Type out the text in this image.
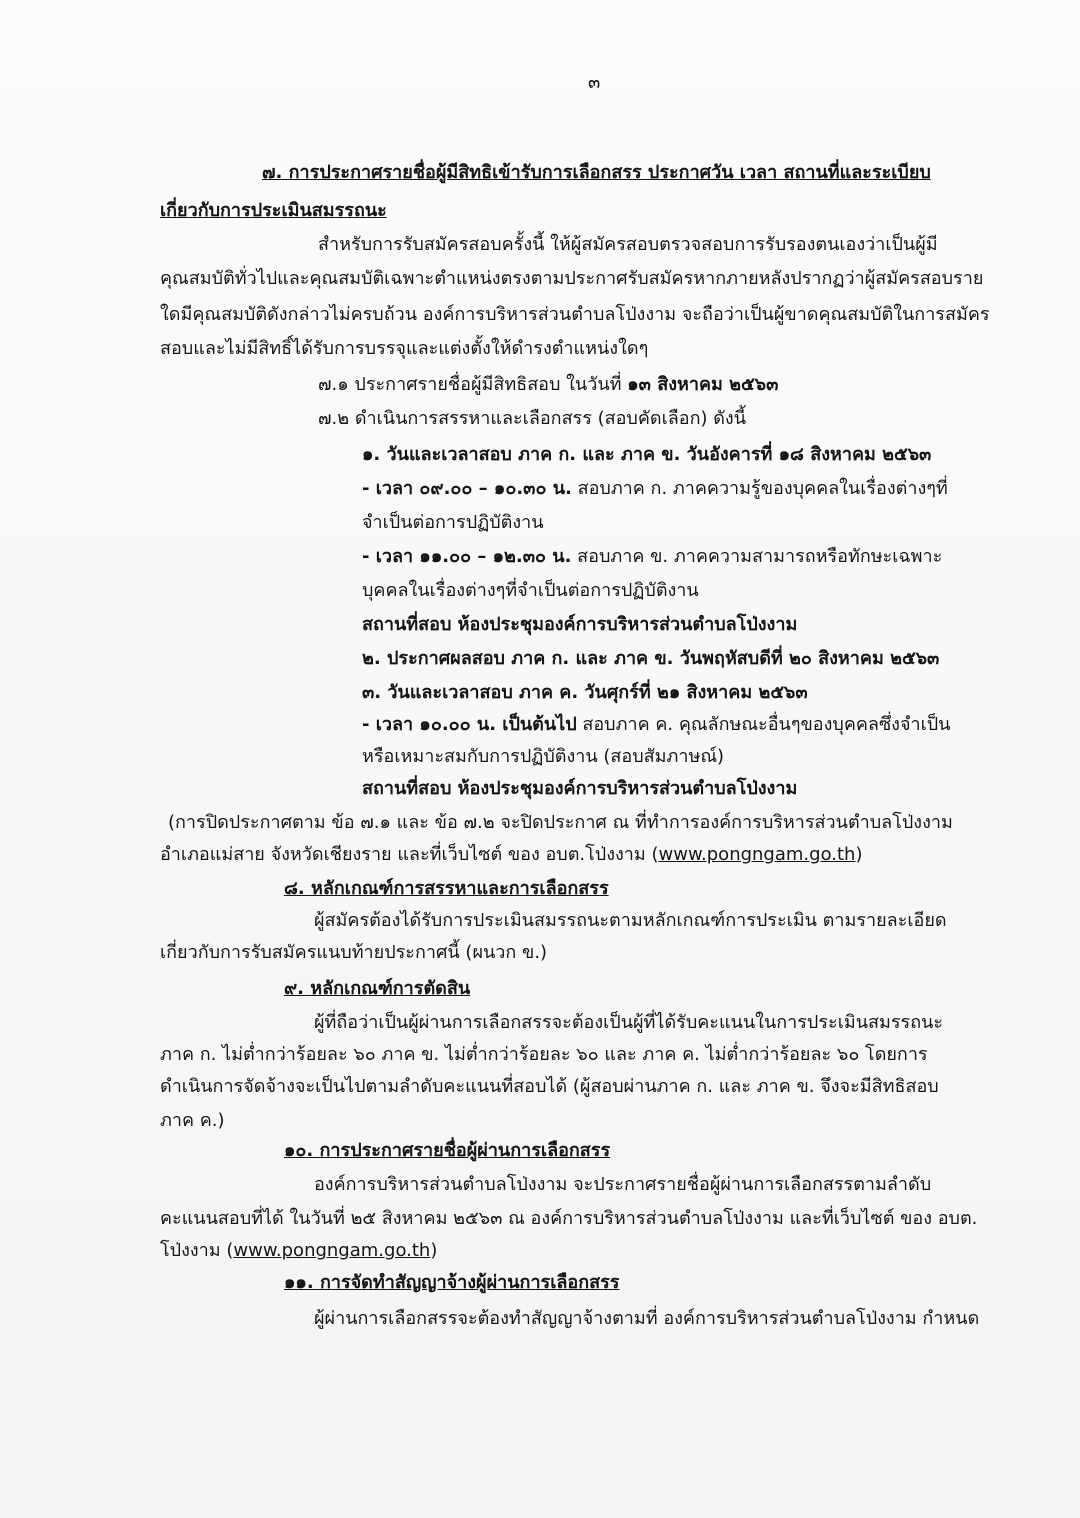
๓
๗. การประกาศรายชื่อผู้มีสิทธิเข้ารับการเลือกสรร ประกาศวัน เวลา สถานที่และระเบียบ
เกี่ยวกับการประเมินสมรรถนะ
สำหรับการรับสมัครสอบครั้งนี้ ให้ผู้สมัครสอบตรวจสอบการรับรองตนเองว่าเป็นผู้มี
คุณสมบัติทั่วไปและคุณสมบัติเฉพาะตำแหน่งตรงตามประกาศรับสมัครหากภายหลังปรากฏว่าผู้สมัครสอบราย
ใดมีคุณสมบัติดังกล่าวไม่ครบถ้วน องค์การบริหารส่วนตำบลโป่งงาม จะถือว่าเป็นผู้ขาดคุณสมบัติในการสมัคร
สอบและไม่มีสิทธิ์ได้รับการบรรจุและแต่งตั้งให้ดำรงตำแหน่งใดๆ
๗.๑ ประกาศรายชื่อผู้มีสิทธิสอบ ในวันที่ ๑๓ สิงหาคม ๒๕๖๓
๗.๒ ดำเนินการสรรหาและเลือกสรร (สอบคัดเลือก) ดังนี้
๑. วันและเวลาสอบ ภาค ก. และ ภาค ข. วันอังคารที่ ๑๘ สิงหาคม ๒๕๖๓
- เวลา ๐๙.๐๐ – ๑๐.๓๐ น. สอบภาค ก. ภาคความรู้ของบุคคลในเรื่องต่างๆที่
จำเป็นต่อการปฏิบัติงาน
- เวลา ๑๑.๐๐ – ๑๒.๓๐ น. สอบภาค ข. ภาคความสามารถหรือทักษะเฉพาะ
บุคคลในเรื่องต่างๆที่จำเป็นต่อการปฏิบัติงาน
สถานที่สอบ ห้องประชุมองค์การบริหารส่วนตำบลโป่งงาม
๒. ประกาศผลสอบ ภาค ก. และ ภาค ข. วันพฤหัสบดีที่ ๒๐ สิงหาคม ๒๕๖๓
๓. วันและเวลาสอบ ภาค ค. วันศุกร์ที่ ๒๑ สิงหาคม ๒๕๖๓
- เวลา ๑๐.๐๐ น. เป็นต้นไป สอบภาค ค. คุณลักษณะอื่นๆของบุคคลซึ่งจำเป็น
หรือเหมาะสมกับการปฏิบัติงาน (สอบสัมภาษณ์)
สถานที่สอบ ห้องประชุมองค์การบริหารส่วนตำบลโป่งงาม
(การปิดประกาศตาม ข้อ ๗.๑ และ ข้อ ๗.๒ จะปิดประกาศ ณ ที่ทำการองค์การบริหารส่วนตำบลโป่งงาม
อำเภอแม่สาย จังหวัดเชียงราย และที่เว็บไซต์ ของ อบต.โป่งงาม (www.pongngam.go.th)
๘. หลักเกณฑ์การสรรหาและการเลือกสรร
ผู้สมัครต้องได้รับการประเมินสมรรถนะตามหลักเกณฑ์การประเมิน ตามรายละเอียด
เกี่ยวกับการรับสมัครแนบท้ายประกาศนี้ (ผนวก ข.)
๙. หลักเกณฑ์การตัดสิน
ผู้ที่ถือว่าเป็นผู้ผ่านการเลือกสรรจะต้องเป็นผู้ที่ได้รับคะแนนในการประเมินสมรรถนะ
ภาค ก. ไม่ต่ำกว่าร้อยละ ๖๐ ภาค ข. ไม่ต่ำกว่าร้อยละ ๖๐ และ ภาค ค. ไม่ต่ำกว่าร้อยละ ๖๐ โดยการ
ดำเนินการจัดจ้างจะเป็นไปตามลำดับคะแนนที่สอบได้ (ผู้สอบผ่านภาค ก. และ ภาค ข. จึงจะมีสิทธิสอบ
ภาค ค.)
๑๐. การประกาศรายชื่อผู้ผ่านการเลือกสรร
องค์การบริหารส่วนตำบลโป่งงาม จะประกาศรายชื่อผู้ผ่านการเลือกสรรตามลำดับ
คะแนนสอบที่ได้ ในวันที่ ๒๕ สิงหาคม ๒๕๖๓ ณ องค์การบริหารส่วนตำบลโป่งงาม และที่เว็บไซต์ ของ อบต.
โป่งงาม (www.pongngam.go.th)
๑๑. การจัดทำสัญญาจ้างผู้ผ่านการเลือกสรร
ผู้ผ่านการเลือกสรรจะต้องทำสัญญาจ้างตามที่ องค์การบริหารส่วนตำบลโป่งงาม กำหนด
